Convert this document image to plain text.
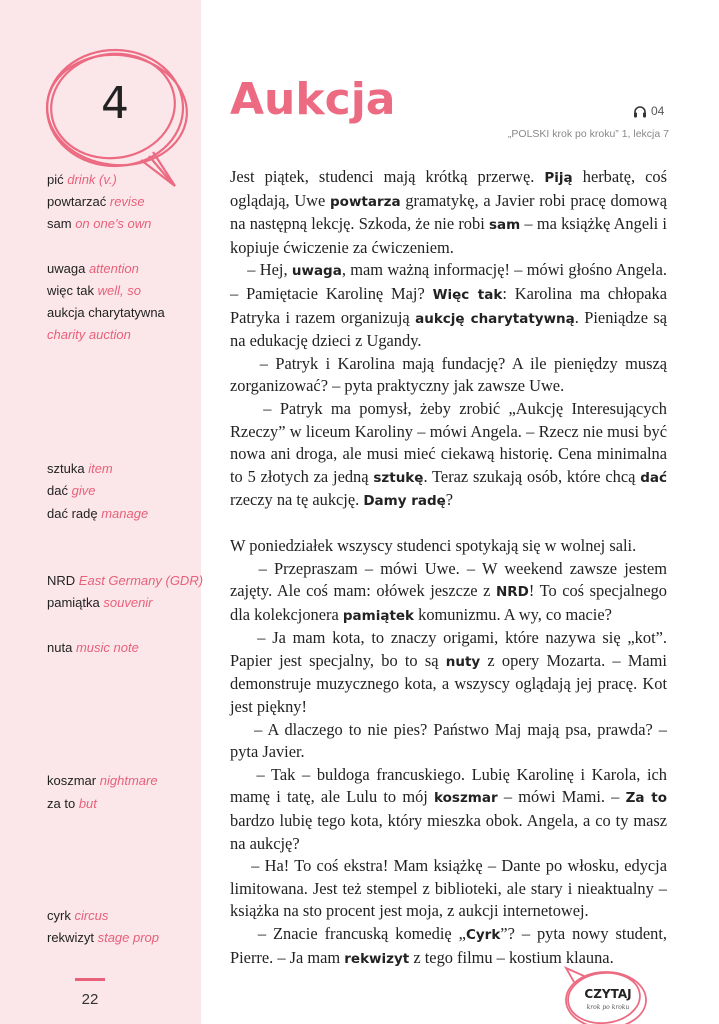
4
pić drink (v.)
powtarzać revise
sam on one's own
uwaga attention
więc tak well, so
aukcja charytatywna
charity auction
sztuka item
dać give
dać radę manage
NRD East Germany (GDR)
pamiątka souvenir
nuta music note
koszmar nightmare
za to but
cyrk circus
rekwizyt stage prop
22
Aukcja	04
„POLSKI krok po kroku” 1, lekcja 7

Jest piątek, studenci mają krótką przerwę. Piją herbatę, coś oglądają, Uwe powtarza gramatykę, a Javier robi pracę domową na następną lekcję. Szkoda, że nie robi sam – ma książkę Angeli i kopiuje ćwiczenie za ćwiczeniem.

– Hej, uwaga, mam ważną informację! – mówi głośno Angela. – Pamiętacie Karolinę Maj? Więc tak: Karolina ma chłopaka Patryka i razem organizują aukcję charytatywną. Pieniądze są na edukację dzieci z Ugandy.

– Patryk i Karolina mają fundację? A ile pieniędzy muszą zorganizować? – pyta praktyczny jak zawsze Uwe.

– Patryk ma pomysł, żeby zrobić „Aukcję Interesujących Rzeczy” w liceum Karoliny – mówi Angela. – Rzecz nie musi być nowa ani droga, ale musi mieć ciekawą historię. Cena minimalna to 5 złotych za jedną sztukę. Teraz szukają osób, które chcą dać rzeczy na tę aukcję. Damy radę?

W poniedziałek wszyscy studenci spotykają się w wolnej sali.

– Przepraszam – mówi Uwe. – W weekend zawsze jestem zajęty. Ale coś mam: ołówek jeszcze z NRD! To coś specjalnego dla kolekcjonera pamiątek komunizmu. A wy, co macie?

– Ja mam kota, to znaczy origami, które nazywa się „kot”. Papier jest specjalny, bo to są nuty z opery Mozarta. – Mami demonstruje muzycznego kota, a wszyscy oglądają jej pracę. Kot jest piękny!

– A dlaczego to nie pies? Państwo Maj mają psa, prawda? – pyta Javier.

– Tak – buldoga francuskiego. Lubię Karolinę i Karola, ich mamę i tatę, ale Lulu to mój koszmar – mówi Mami. – Za to bardzo lubię tego kota, który mieszka obok. Angela, a co ty masz na aukcję?

– Ha! To coś ekstra! Mam książkę – Dante po włosku, edycja limitowana. Jest też stempel z biblioteki, ale stary i nieaktualny – książka na sto procent jest moja, z aukcji internetowej.

– Znacie francuską komedię „Cyrk”? – pyta nowy student, Pierre. – Ja mam rekwizyt z tego filmu – kostium klauna.

CZYTAJ
krok po kroku
